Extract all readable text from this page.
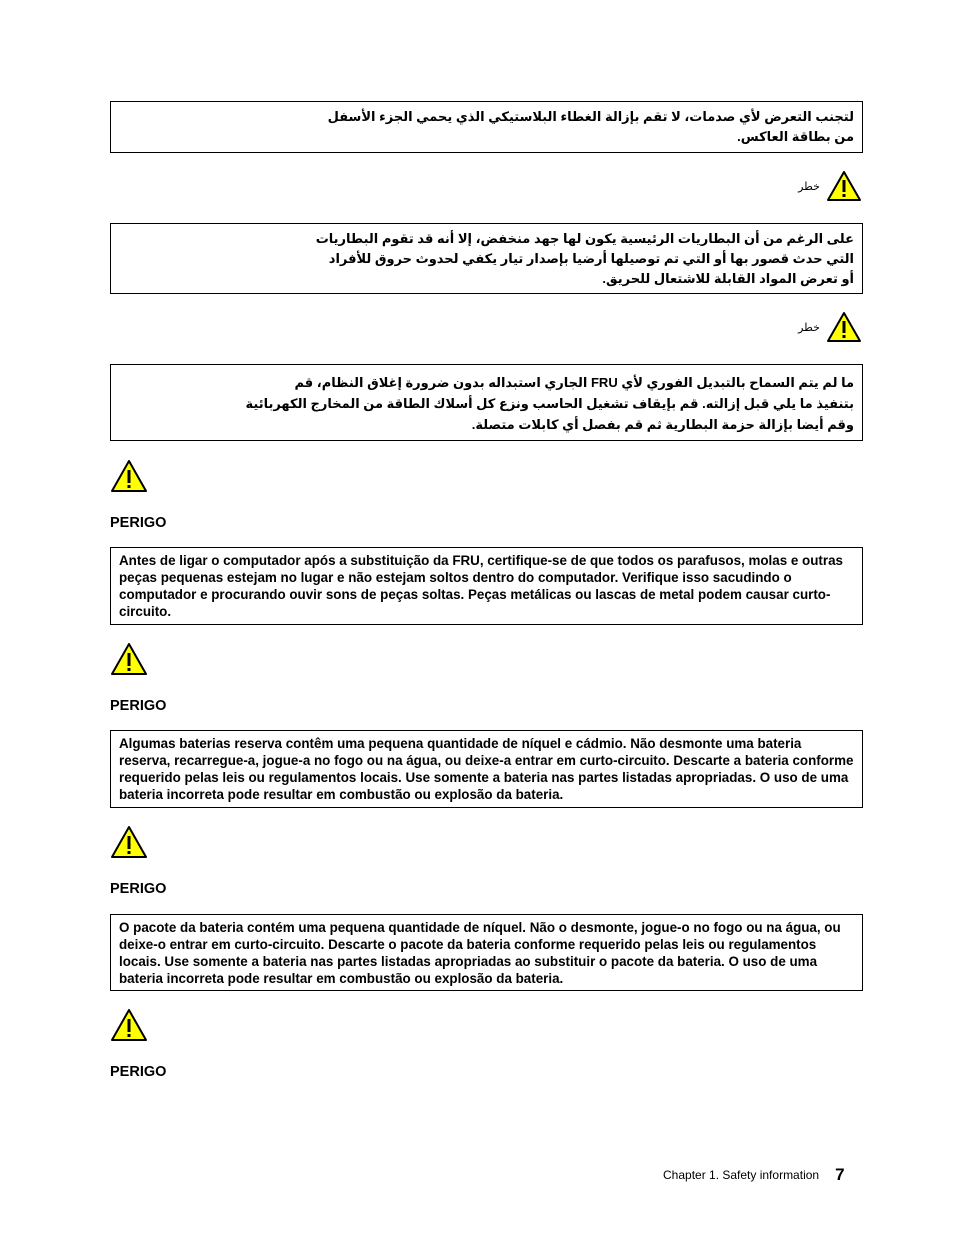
لتجنب التعرض لأي صدمات، لا تقم بإزالة الغطاء البلاستيكي الذي يحمي الجزء الأسفل

من بطاقة العاكس.

خطر

على الرغم من أن البطاريات الرئيسية يكون لها جهد منخفض، إلا أنه قد تقوم البطاريات

التي حدث قصور بها أو التي تم توصيلها أرضيا بإصدار تيار يكفي لحدوث حروق للأفراد

أو تعرض المواد القابلة للاشتعال للحريق.

خطر

ما لم يتم السماح بالتبديل الفوري لأي FRU الجاري استبداله بدون ضرورة إغلاق النظام، قم

بتنفيذ ما يلي قبل إزالته. قم بإيقاف تشغيل الحاسب ونزع كل أسلاك الطاقة من المخارج الكهربائية

وقم أيضا بإزالة حزمة البطارية ثم قم بفصل أي كابلات متصلة.

PERIGO

Antes de ligar o computador após a substituição da FRU, certifique-se de que todos os parafusos, molas e outras peças pequenas estejam no lugar e não estejam soltos dentro do computador. Verifique isso sacudindo o computador e procurando ouvir sons de peças soltas. Peças metálicas ou lascas de metal podem causar curto-circuito.

PERIGO

Algumas baterias reserva contêm uma pequena quantidade de níquel e cádmio. Não desmonte uma bateria reserva, recarregue-a, jogue-a no fogo ou na água, ou deixe-a entrar em curto-circuito. Descarte a bateria conforme requerido pelas leis ou regulamentos locais. Use somente a bateria nas partes listadas apropriadas. O uso de uma bateria incorreta pode resultar em combustão ou explosão da bateria.

PERIGO

O pacote da bateria contém uma pequena quantidade de níquel. Não o desmonte, jogue-o no fogo ou na água, ou deixe-o entrar em curto-circuito. Descarte o pacote da bateria conforme requerido pelas leis ou regulamentos locais. Use somente a bateria nas partes listadas apropriadas ao substituir o pacote da bateria. O uso de uma bateria incorreta pode resultar em combustão ou explosão da bateria.

PERIGO
Chapter 1. Safety information 7
